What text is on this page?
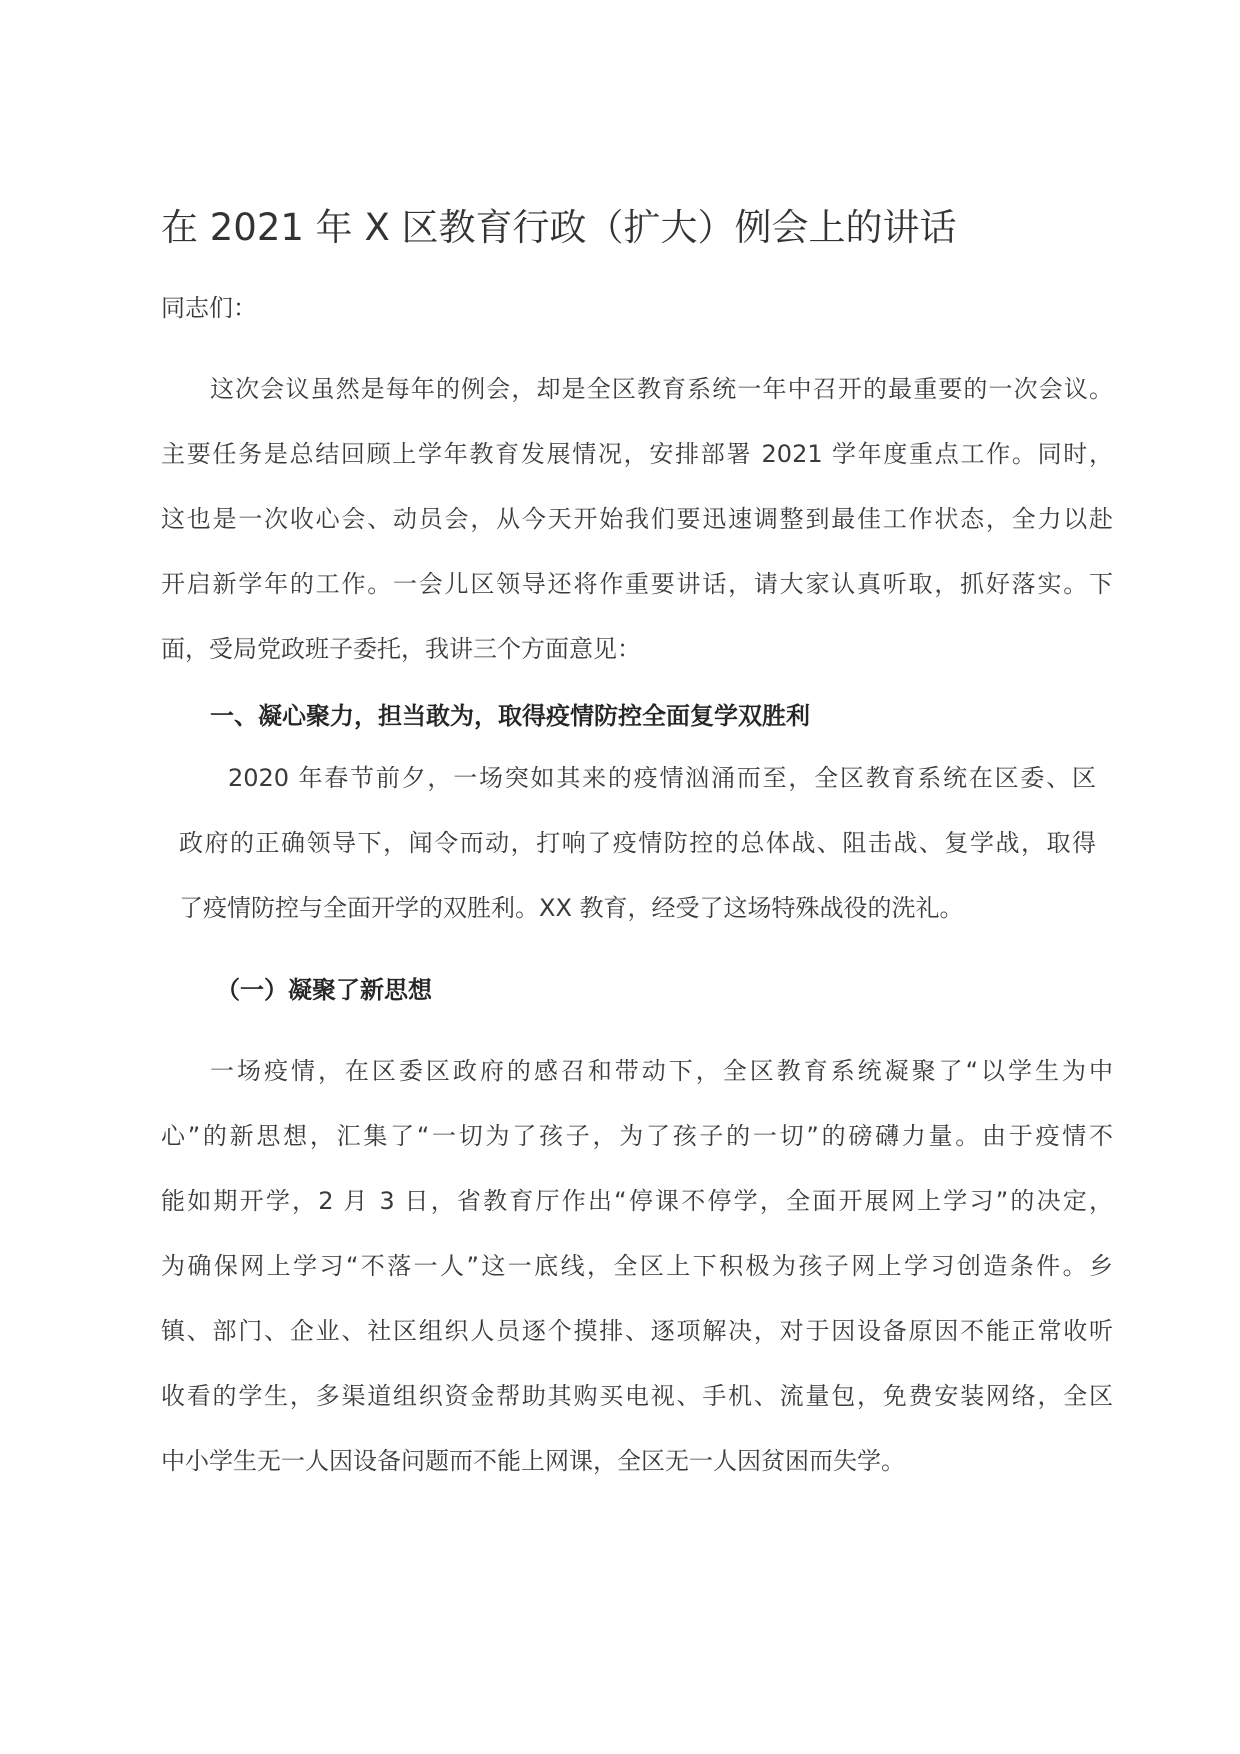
在 2021 年 X 区教育行政（扩大）例会上的讲话
同志们：
这次会议虽然是每年的例会，却是全区教育系统一年中召开的最重要的一次会议。
主要任务是总结回顾上学年教育发展情况，安排部署 2021 学年度重点工作。同时，
这也是一次收心会、动员会，从今天开始我们要迅速调整到最佳工作状态，全力以赴
开启新学年的工作。一会儿区领导还将作重要讲话，请大家认真听取，抓好落实。下
面，受局党政班子委托，我讲三个方面意见：
一、凝心聚力，担当敢为，取得疫情防控全面复学双胜利
2020 年春节前夕，一场突如其来的疫情汹涌而至，全区教育系统在区委、区
政府的正确领导下，闻令而动，打响了疫情防控的总体战、阻击战、复学战，取得
了疫情防控与全面开学的双胜利。XX 教育，经受了这场特殊战役的洗礼。
（一）凝聚了新思想
一场疫情，在区委区政府的感召和带动下，全区教育系统凝聚了“以学生为中
心”的新思想，汇集了“一切为了孩子，为了孩子的一切”的磅礴力量。由于疫情不
能如期开学，2 月 3 日，省教育厅作出“停课不停学，全面开展网上学习”的决定，
为确保网上学习“不落一人”这一底线，全区上下积极为孩子网上学习创造条件。乡
镇、部门、企业、社区组织人员逐个摸排、逐项解决，对于因设备原因不能正常收听
收看的学生，多渠道组织资金帮助其购买电视、手机、流量包，免费安装网络，全区
中小学生无一人因设备问题而不能上网课，全区无一人因贫困而失学。
